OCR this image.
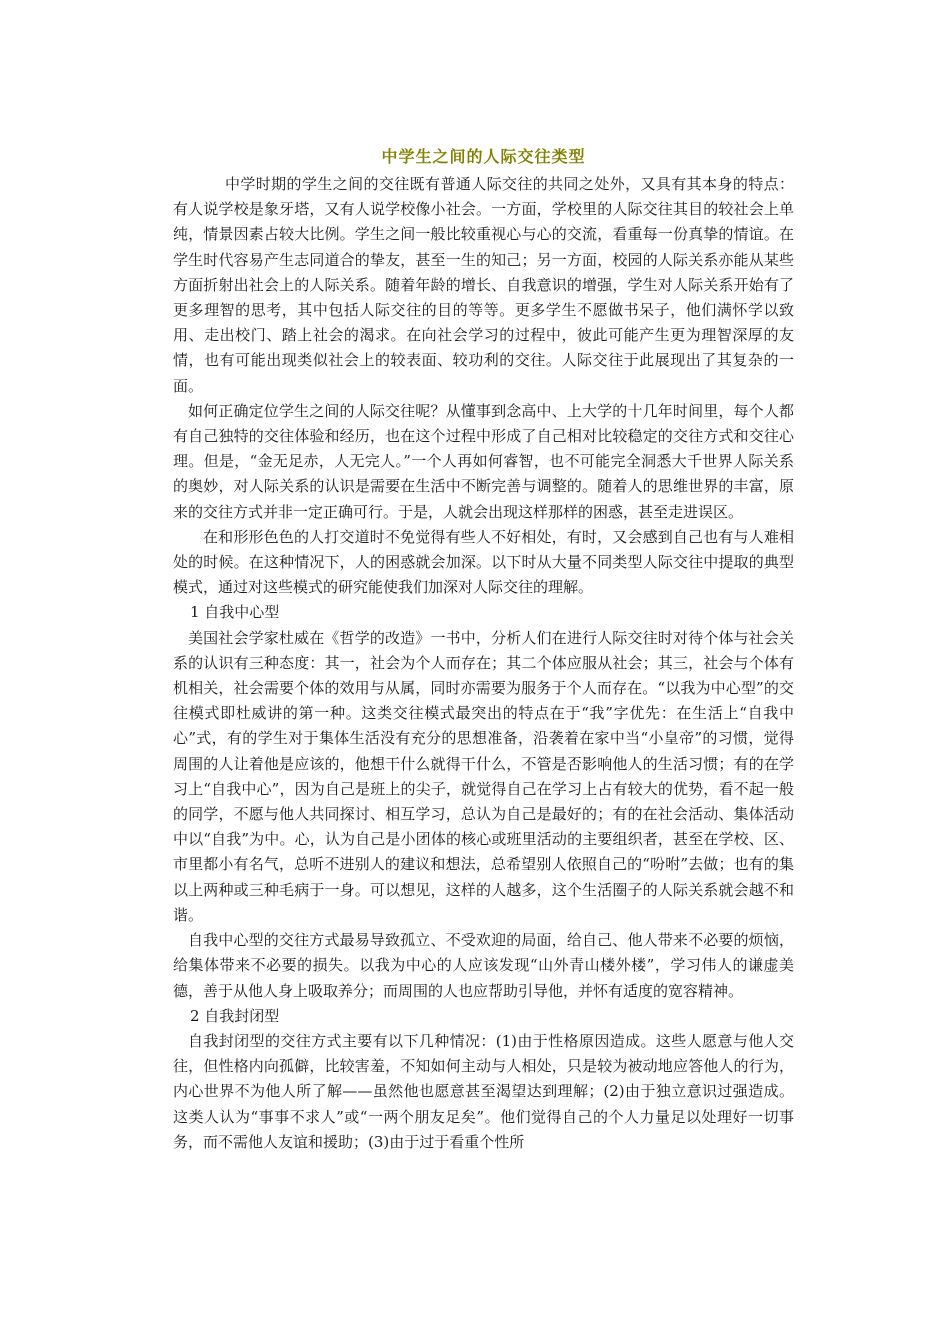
中学生之间的人际交往类型

中学时期的学生之间的交往既有普通人际交往的共同之处外，又具有其本身的特点：有人说学校是象牙塔，又有人说学校像小社会。一方面，学校里的人际交往其目的较社会上单纯，情景因素占较大比例。学生之间一般比较重视心与心的交流，看重每一份真挚的情谊。在学生时代容易产生志同道合的挚友，甚至一生的知己；另一方面，校园的人际关系亦能从某些方面折射出社会上的人际关系。随着年龄的增长、自我意识的增强，学生对人际关系开始有了更多理智的思考，其中包括人际交往的目的等等。更多学生不愿做书呆子，他们满怀学以致用、走出校门、踏上社会的渴求。在向社会学习的过程中，彼此可能产生更为理智深厚的友情，也有可能出现类似社会上的较表面、较功利的交往。人际交往于此展现出了其复杂的一面。

如何正确定位学生之间的人际交往呢？从懂事到念高中、上大学的十几年时间里，每个人都有自己独特的交往体验和经历，也在这个过程中形成了自己相对比较稳定的交往方式和交往心理。但是，“金无足赤，人无完人。”一个人再如何睿智，也不可能完全洞悉大千世界人际关系的奥妙，对人际关系的认识是需要在生活中不断完善与调整的。随着人的思维世界的丰富，原来的交往方式并非一定正确可行。于是，人就会出现这样那样的困惑，甚至走进误区。

在和形形色色的人打交道时不免觉得有些人不好相处，有时，又会感到自己也有与人难相处的时候。在这种情况下，人的困惑就会加深。以下时从大量不同类型人际交往中提取的典型模式，通过对这些模式的研究能使我们加深对人际交往的理解。

1 自我中心型

美国社会学家杜威在《哲学的改造》一书中，分析人们在进行人际交往时对待个体与社会关系的认识有三种态度：其一，社会为个人而存在；其二个体应服从社会；其三，社会与个体有机相关，社会需要个体的效用与从属，同时亦需要为服务于个人而存在。“以我为中心型”的交往模式即杜威讲的第一种。这类交往模式最突出的特点在于“我”字优先：在生活上“自我中心”式，有的学生对于集体生活没有充分的思想准备，沿袭着在家中当“小皇帝”的习惯，觉得周围的人让着他是应该的，他想干什么就得干什么，不管是否影响他人的生活习惯；有的在学习上“自我中心”，因为自己是班上的尖子，就觉得自己在学习上占有较大的优势，看不起一般的同学，不愿与他人共同探讨、相互学习，总认为自己是最好的；有的在社会活动、集体活动中以“自我”为中。心，认为自己是小团体的核心或班里活动的主要组织者，甚至在学校、区、市里都小有名气，总听不进别人的建议和想法，总希望别人依照自己的“吩咐”去做；也有的集以上两种或三种毛病于一身。可以想见，这样的人越多，这个生活圈子的人际关系就会越不和谐。

自我中心型的交往方式最易导致孤立、不受欢迎的局面，给自己、他人带来不必要的烦恼，给集体带来不必要的损失。以我为中心的人应该发现“山外青山楼外楼”，学习伟人的谦虚美德，善于从他人身上吸取养分；而周围的人也应帮助引导他，并怀有适度的宽容精神。

2 自我封闭型

自我封闭型的交往方式主要有以下几种情况：(1)由于性格原因造成。这些人愿意与他人交往，但性格内向孤僻，比较害羞，不知如何主动与人相处，只是较为被动地应答他人的行为，内心世界不为他人所了解——虽然他也愿意甚至渴望达到理解；(2)由于独立意识过强造成。这类人认为“事事不求人”或“一两个朋友足矣”。他们觉得自己的个人力量足以处理好一切事务，而不需他人友谊和援助；(3)由于过于看重个性所
